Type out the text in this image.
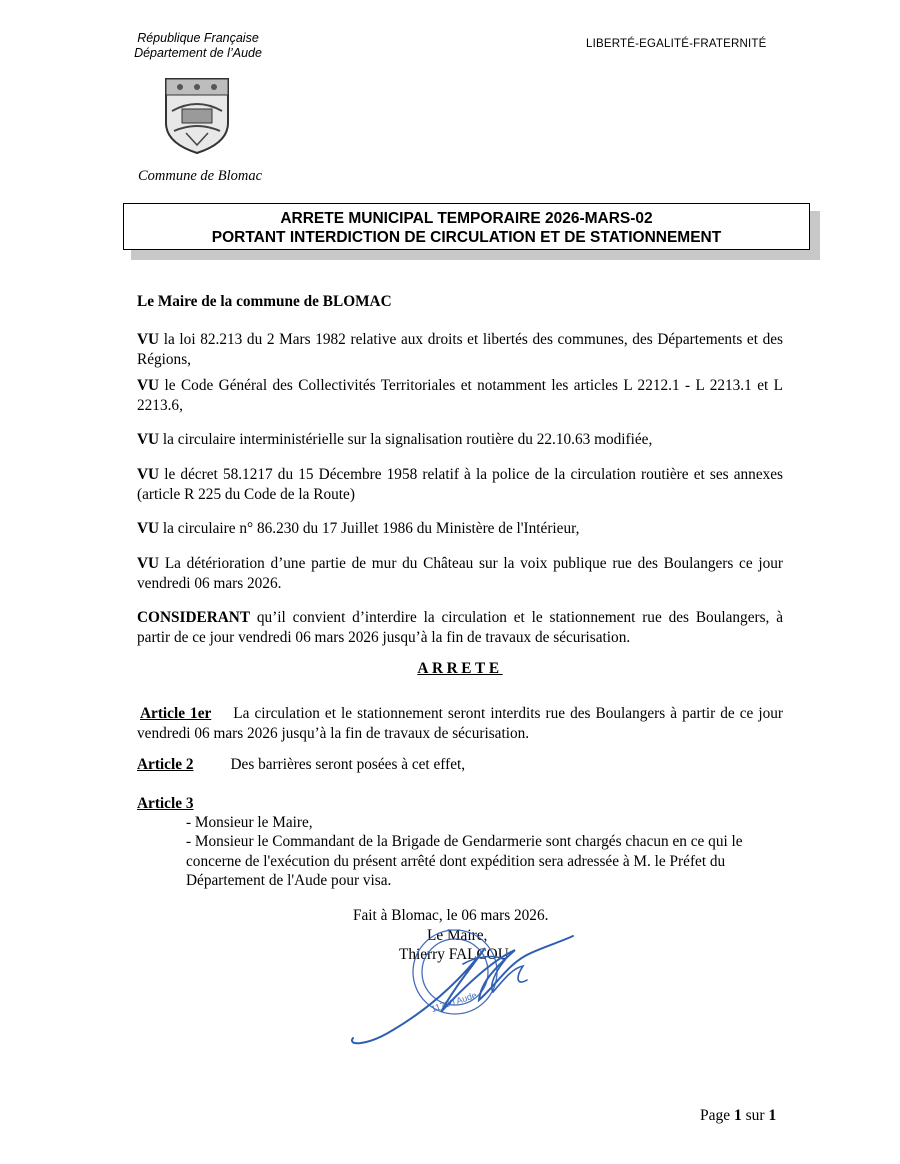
République Française
Département de l’Aude
LIBERTÉ-EGALITÉ-FRATERNITÉ
Commune de Blomac
ARRETE MUNICIPAL TEMPORAIRE 2026-MARS-02
PORTANT INTERDICTION DE CIRCULATION ET DE STATIONNEMENT
Le Maire de la commune de BLOMAC
VU la loi 82.213 du 2 Mars 1982 relative aux droits et libertés des communes, des Départements et des Régions,
VU le Code Général des Collectivités Territoriales et notamment les articles L 2212.1 - L 2213.1 et L 2213.6,
VU la circulaire interministérielle sur la signalisation routière du 22.10.63 modifiée,
VU le décret 58.1217 du 15 Décembre 1958 relatif à la police de la circulation routière et ses annexes (article R 225 du Code de la Route)
VU la circulaire n° 86.230 du 17 Juillet 1986 du Ministère de l'Intérieur,
VU La détérioration d’une partie de mur du Château sur la voix publique rue des Boulangers ce jour vendredi 06 mars 2026.
CONSIDERANT qu’il convient d’interdire la circulation et le stationnement rue des Boulangers, à partir de ce jour vendredi 06 mars 2026 jusqu’à la fin de travaux de sécurisation.
ARRETE
Article 1er La circulation et le stationnement seront interdits rue des Boulangers à partir de ce jour vendredi 06 mars 2026 jusqu’à la fin de travaux de sécurisation.
Article 2 Des barrières seront posées à cet effet,
Article 3
- Monsieur le Maire,
- Monsieur le Commandant de la Brigade de Gendarmerie sont chargés chacun en ce qui le concerne de l'exécution du présent arrêté dont expédition sera adressée à M. le Préfet du Département de l'Aude pour visa.
Fait à Blomac, le 06 mars 2026.
Le Maire,
Thierry FALCOU
11700 Aude
Page 1 sur 1
